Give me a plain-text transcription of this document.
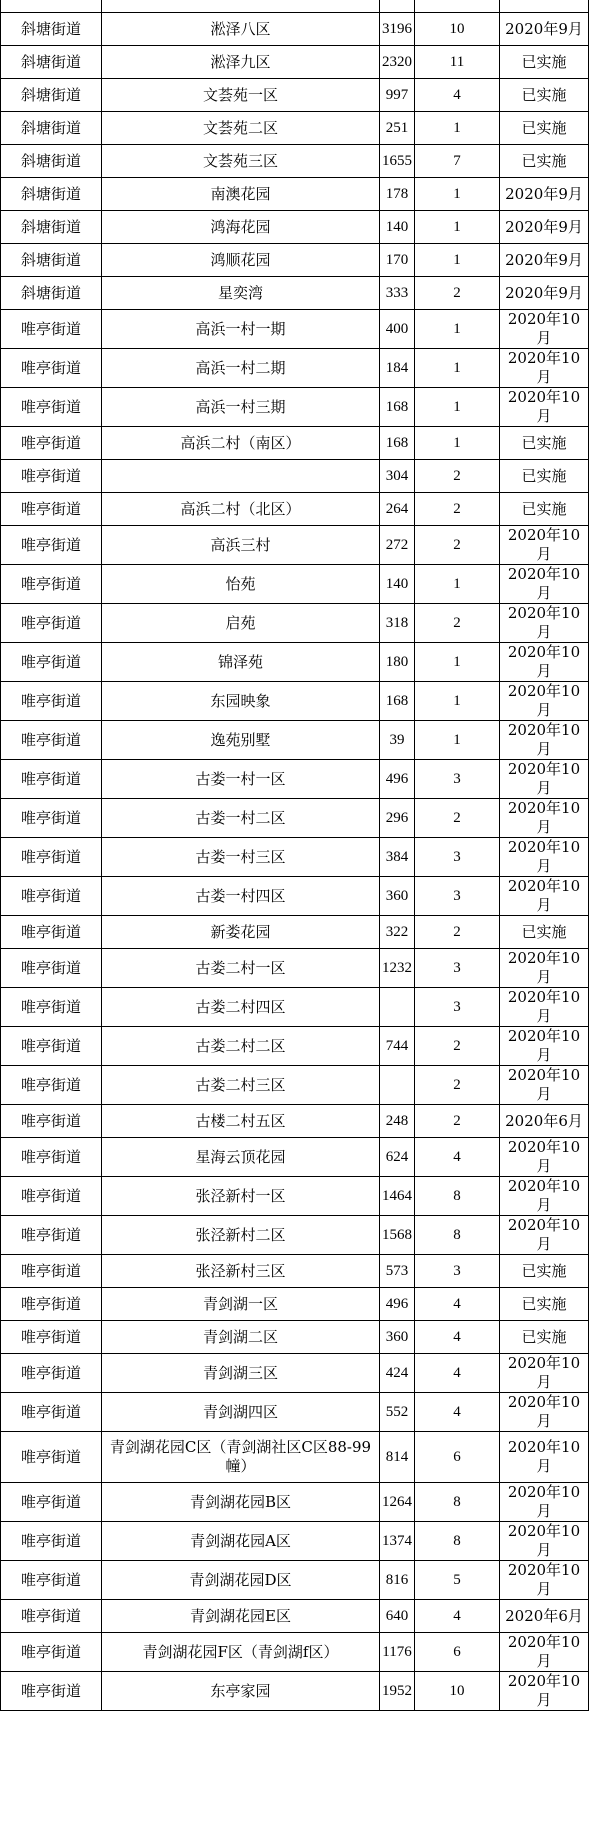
斜塘街道	淞泽八区	3196	10	2020年9月
斜塘街道	淞泽九区	2320	11	已实施
斜塘街道	文荟苑一区	997	4	已实施
斜塘街道	文荟苑二区	251	1	已实施
斜塘街道	文荟苑三区	1655	7	已实施
斜塘街道	南澳花园	178	1	2020年9月
斜塘街道	鸿海花园	140	1	2020年9月
斜塘街道	鸿顺花园	170	1	2020年9月
斜塘街道	星奕湾	333	2	2020年9月
唯亭街道	高浜一村一期	400	1	2020年10月
唯亭街道	高浜一村二期	184	1	2020年10月
唯亭街道	高浜一村三期	168	1	2020年10月
唯亭街道	高浜二村（南区）	168	1	已实施
唯亭街道		304	2	已实施
唯亭街道	高浜二村（北区）	264	2	已实施
唯亭街道	高浜三村	272	2	2020年10月
唯亭街道	怡苑	140	1	2020年10月
唯亭街道	启苑	318	2	2020年10月
唯亭街道	锦泽苑	180	1	2020年10月
唯亭街道	东园映象	168	1	2020年10月
唯亭街道	逸苑别墅	39	1	2020年10月
唯亭街道	古娄一村一区	496	3	2020年10月
唯亭街道	古娄一村二区	296	2	2020年10月
唯亭街道	古娄一村三区	384	3	2020年10月
唯亭街道	古娄一村四区	360	3	2020年10月
唯亭街道	新娄花园	322	2	已实施
唯亭街道	古娄二村一区	1232	3	2020年10月
唯亭街道	古娄二村四区		3	2020年10月
唯亭街道	古娄二村二区	744	2	2020年10月
唯亭街道	古娄二村三区		2	2020年10月
唯亭街道	古楼二村五区	248	2	2020年6月
唯亭街道	星海云顶花园	624	4	2020年10月
唯亭街道	张泾新村一区	1464	8	2020年10月
唯亭街道	张泾新村二区	1568	8	2020年10月
唯亭街道	张泾新村三区	573	3	已实施
唯亭街道	青剑湖一区	496	4	已实施
唯亭街道	青剑湖二区	360	4	已实施
唯亭街道	青剑湖三区	424	4	2020年10月
唯亭街道	青剑湖四区	552	4	2020年10月
唯亭街道	青剑湖花园C区（青剑湖社区C区88-99幢）	814	6	2020年10月
唯亭街道	青剑湖花园B区	1264	8	2020年10月
唯亭街道	青剑湖花园A区	1374	8	2020年10月
唯亭街道	青剑湖花园D区	816	5	2020年10月
唯亭街道	青剑湖花园E区	640	4	2020年6月
唯亭街道	青剑湖花园F区（青剑湖f区）	1176	6	2020年10月
唯亭街道	东亭家园	1952	10	2020年10月
